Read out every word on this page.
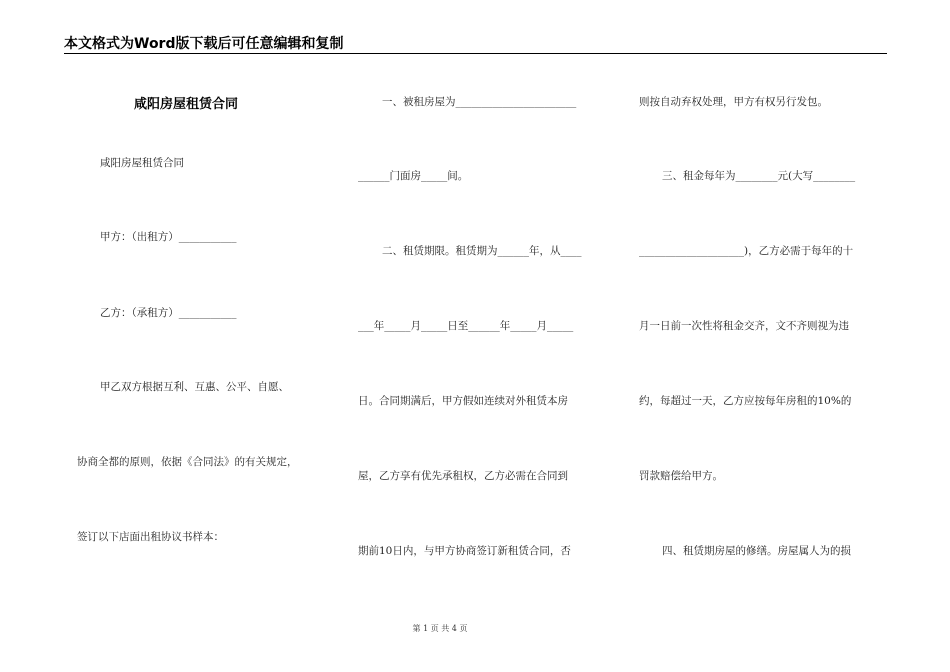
本文格式为Word版下载后可任意编辑和复制
咸阳房屋租赁合同
咸阳房屋租赁合同
甲方：（出租方）___________
乙方：（承租方）___________
甲乙双方根据互利、互惠、公平、自愿、
协商全都的原则，依据《合同法》的有关规定，
签订以下店面出租协议书样本：
一、被租房屋为_______________________
______门面房_____间。
二、租赁期限。租赁期为______年，从____
___年_____月_____日至______年_____月_____
日。合同期满后，甲方假如连续对外租赁本房
屋，乙方享有优先承租权，乙方必需在合同到
期前10日内，与甲方协商签订新租赁合同，否
则按自动弃权处理，甲方有权另行发包。
三、租金每年为________元(大写________
____________________)，乙方必需于每年的十
月一日前一次性将租金交齐，文不齐则视为违
约，每超过一天，乙方应按每年房租的10%的
罚款赔偿给甲方。
四、租赁期房屋的修缮。房屋属人为的损
第 1 页 共 4 页
